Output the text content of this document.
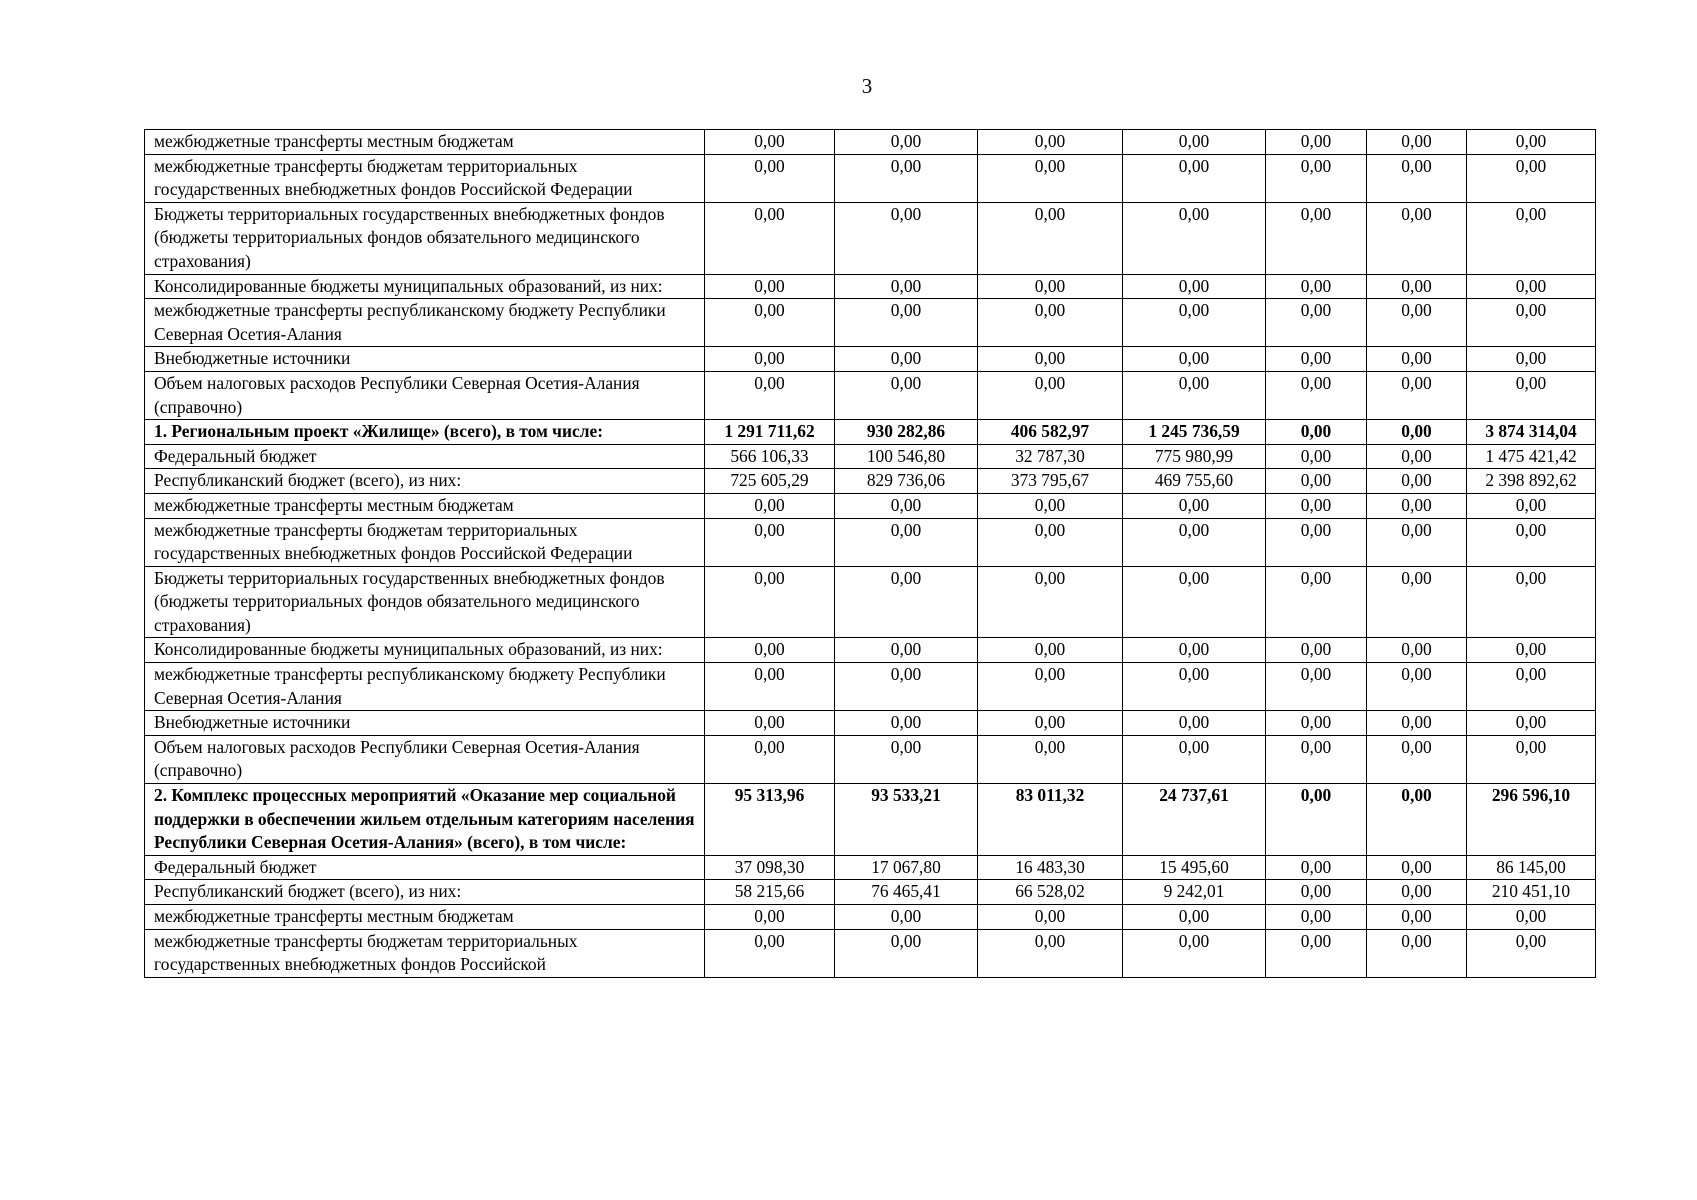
3
межбюджетные трансферты местным бюджетам	0,00	0,00	0,00	0,00	0,00	0,00	0,00
межбюджетные трансферты бюджетам территориальных государственных внебюджетных фондов Российской Федерации	0,00	0,00	0,00	0,00	0,00	0,00	0,00
Бюджеты территориальных государственных внебюджетных фондов (бюджеты территориальных фондов обязательного медицинского страхования)	0,00	0,00	0,00	0,00	0,00	0,00	0,00
Консолидированные бюджеты муниципальных образований, из них:	0,00	0,00	0,00	0,00	0,00	0,00	0,00
межбюджетные трансферты республиканскому бюджету Республики Северная Осетия-Алания	0,00	0,00	0,00	0,00	0,00	0,00	0,00
Внебюджетные источники	0,00	0,00	0,00	0,00	0,00	0,00	0,00
Объем налоговых расходов Республики Северная Осетия-Алания (справочно)	0,00	0,00	0,00	0,00	0,00	0,00	0,00
1. Региональным проект «Жилище» (всего), в том числе:	1 291 711,62	930 282,86	406 582,97	1 245 736,59	0,00	0,00	3 874 314,04
Федеральный бюджет	566 106,33	100 546,80	32 787,30	775 980,99	0,00	0,00	1 475 421,42
Республиканский бюджет (всего), из них:	725 605,29	829 736,06	373 795,67	469 755,60	0,00	0,00	2 398 892,62
межбюджетные трансферты местным бюджетам	0,00	0,00	0,00	0,00	0,00	0,00	0,00
межбюджетные трансферты бюджетам территориальных государственных внебюджетных фондов Российской Федерации	0,00	0,00	0,00	0,00	0,00	0,00	0,00
Бюджеты территориальных государственных внебюджетных фондов (бюджеты территориальных фондов обязательного медицинского страхования)	0,00	0,00	0,00	0,00	0,00	0,00	0,00
Консолидированные бюджеты муниципальных образований, из них:	0,00	0,00	0,00	0,00	0,00	0,00	0,00
межбюджетные трансферты республиканскому бюджету Республики Северная Осетия-Алания	0,00	0,00	0,00	0,00	0,00	0,00	0,00
Внебюджетные источники	0,00	0,00	0,00	0,00	0,00	0,00	0,00
Объем налоговых расходов Республики Северная Осетия-Алания (справочно)	0,00	0,00	0,00	0,00	0,00	0,00	0,00
2. Комплекс процессных мероприятий «Оказание мер социальной поддержки в обеспечении жильем отдельным категориям населения Республики Северная Осетия-Алания» (всего), в том числе:	95 313,96	93 533,21	83 011,32	24 737,61	0,00	0,00	296 596,10
Федеральный бюджет	37 098,30	17 067,80	16 483,30	15 495,60	0,00	0,00	86 145,00
Республиканский бюджет (всего), из них:	58 215,66	76 465,41	66 528,02	9 242,01	0,00	0,00	210 451,10
межбюджетные трансферты местным бюджетам	0,00	0,00	0,00	0,00	0,00	0,00	0,00
межбюджетные трансферты бюджетам территориальных государственных внебюджетных фондов Российской	0,00	0,00	0,00	0,00	0,00	0,00	0,00
